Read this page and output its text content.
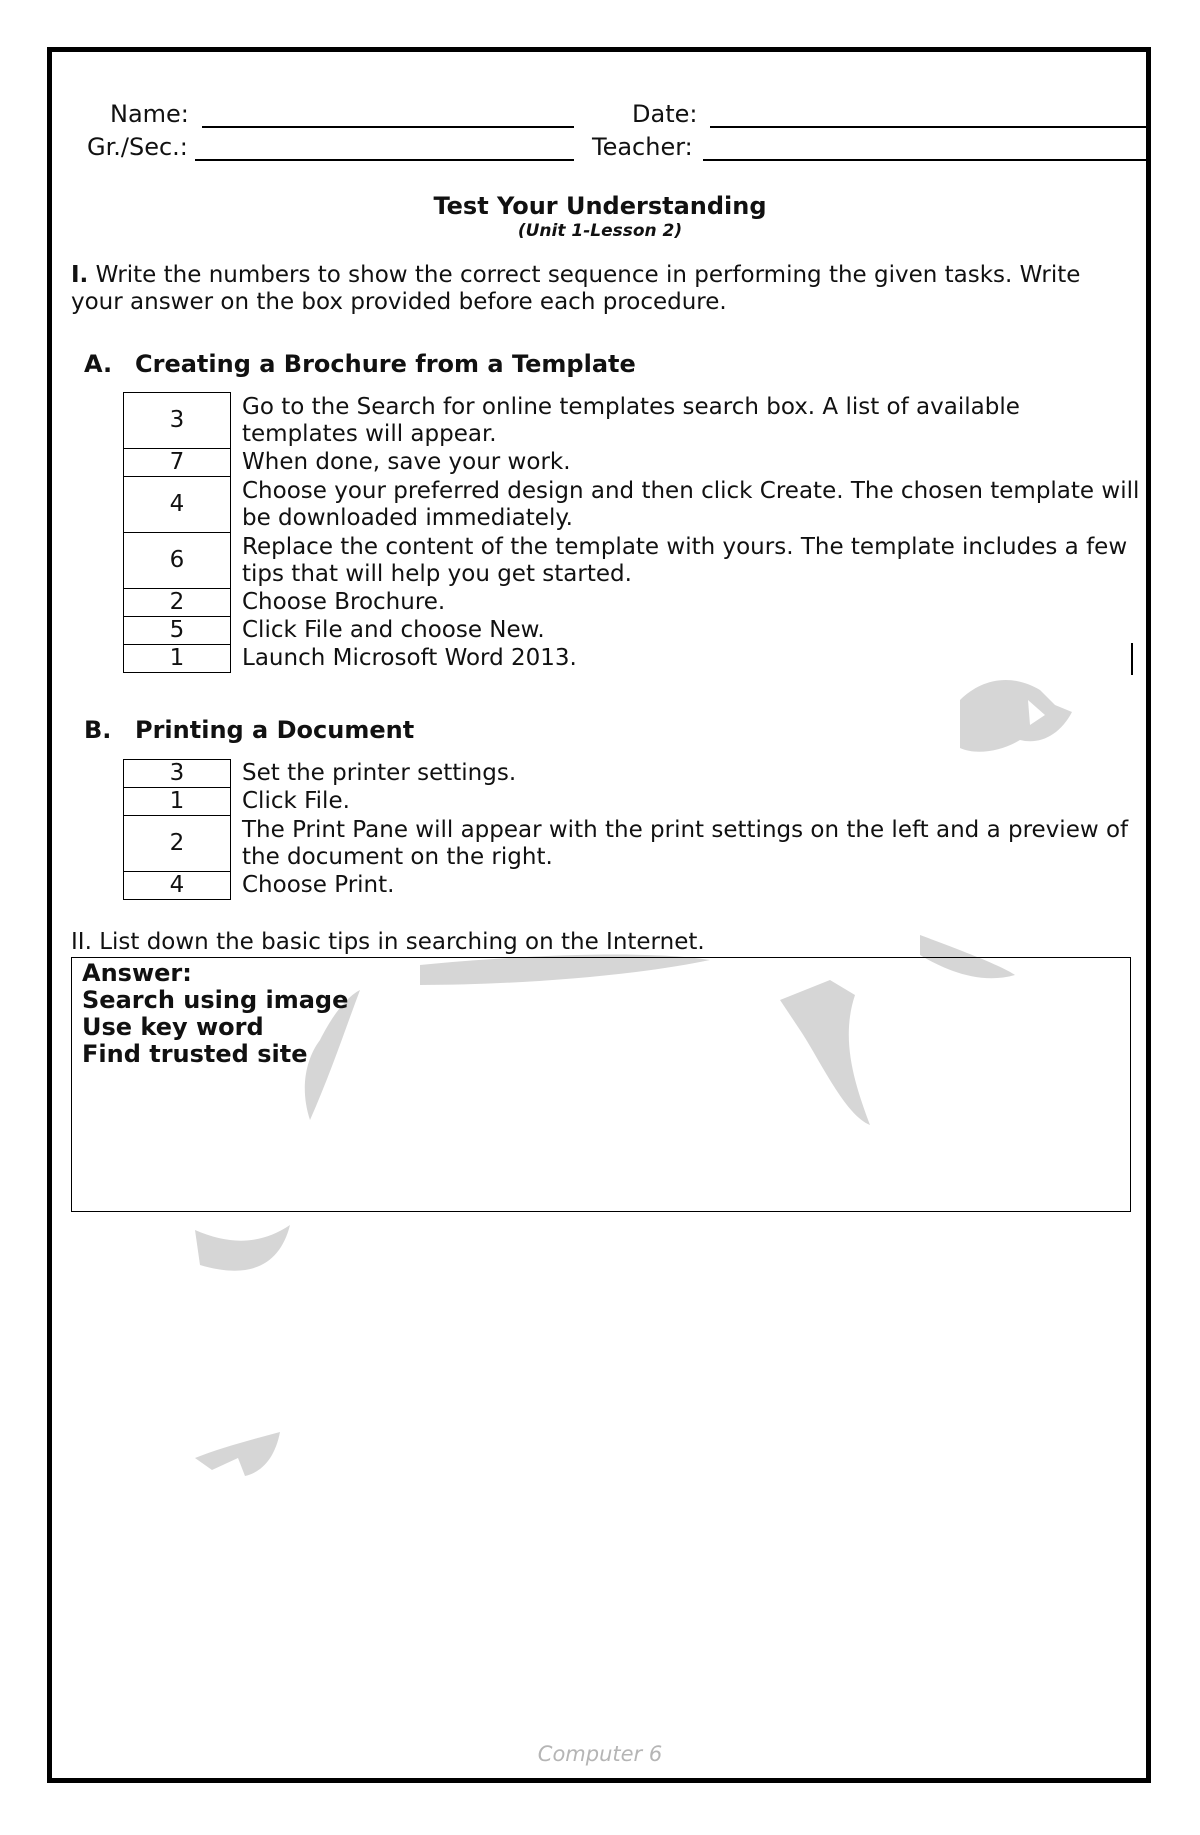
Name:	Date:
Gr./Sec.:	Teacher:
Test Your Understanding
(Unit 1-Lesson 2)
I. Write the numbers to show the correct sequence in performing the given tasks. Write your answer on the box provided before each procedure.
A. Creating a Brochure from a Template
3	Go to the Search for online templates search box. A list of available templates will appear.
7	When done, save your work.
4	Choose your preferred design and then click Create. The chosen template will be downloaded immediately.
6	Replace the content of the template with yours. The template includes a few tips that will help you get started.
2	Choose Brochure.
5	Click File and choose New.
1	Launch Microsoft Word 2013.
B. Printing a Document
3	Set the printer settings.
1	Click File.
2	The Print Pane will appear with the print settings on the left and a preview of the document on the right.
4	Choose Print.
II. List down the basic tips in searching on the Internet.
Answer:
Search using image
Use key word
Find trusted site
Computer 6
